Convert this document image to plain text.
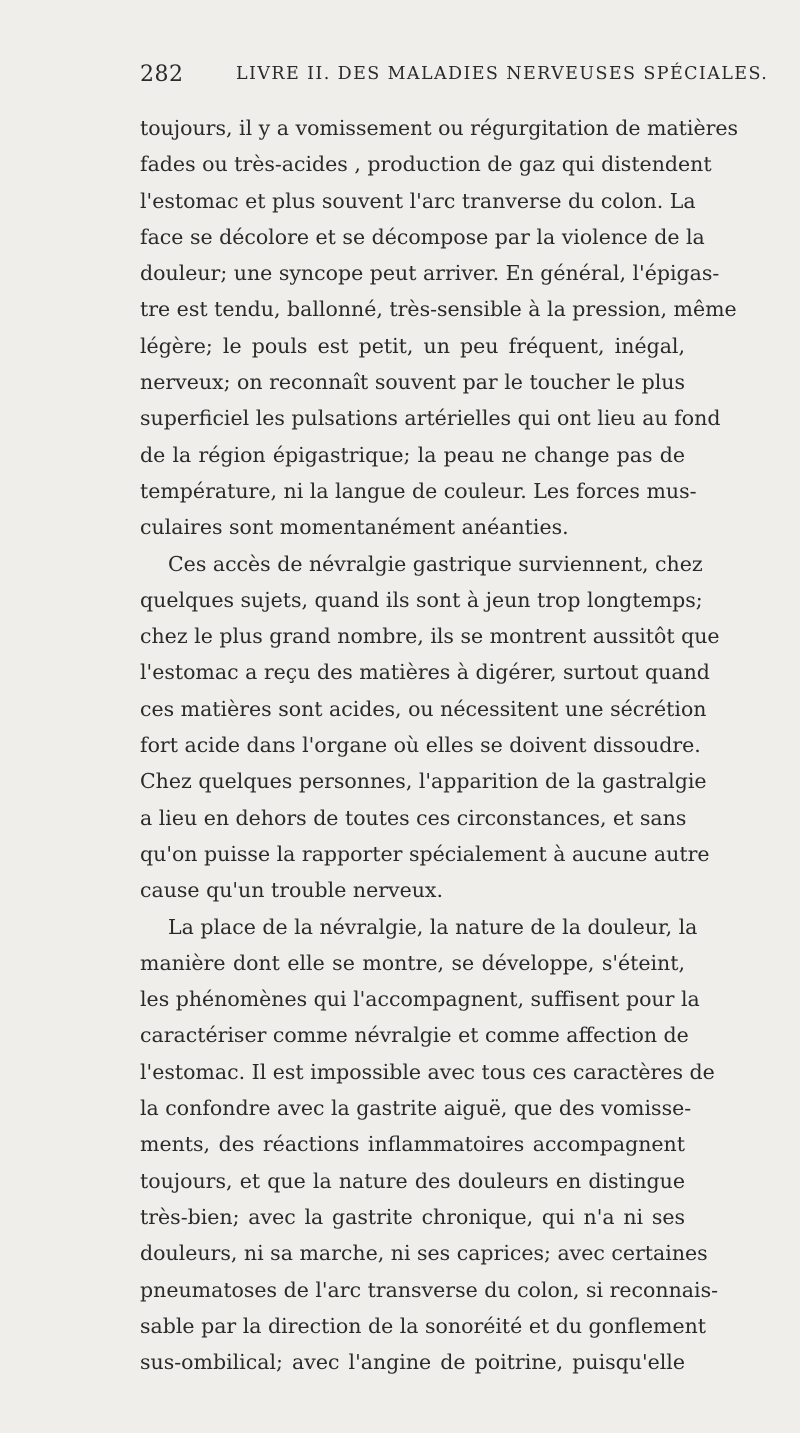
282	LIVRE II. DES MALADIES NERVEUSES SPÉCIALES.
toujours, il y a vomissement ou régurgitation de matières
fades ou très-acides , production de gaz qui distendent
l'estomac et plus souvent l'arc tranverse du colon. La
face se décolore et se décompose par la violence de la
douleur; une syncope peut arriver. En général, l'épigas-
tre est tendu, ballonné, très-sensible à la pression, même
légère; le pouls est petit, un peu fréquent, inégal,
nerveux; on reconnaît souvent par le toucher le plus
superficiel les pulsations artérielles qui ont lieu au fond
de la région épigastrique; la peau ne change pas de
température, ni la langue de couleur. Les forces mus-
culaires sont momentanément anéanties.
Ces accès de névralgie gastrique surviennent, chez
quelques sujets, quand ils sont à jeun trop longtemps;
chez le plus grand nombre, ils se montrent aussitôt que
l'estomac a reçu des matières à digérer, surtout quand
ces matières sont acides, ou nécessitent une sécrétion
fort acide dans l'organe où elles se doivent dissoudre.
Chez quelques personnes, l'apparition de la gastralgie
a lieu en dehors de toutes ces circonstances, et sans
qu'on puisse la rapporter spécialement à aucune autre
cause qu'un trouble nerveux.
La place de la névralgie, la nature de la douleur, la
manière dont elle se montre, se développe, s'éteint,
les phénomènes qui l'accompagnent, suffisent pour la
caractériser comme névralgie et comme affection de
l'estomac. Il est impossible avec tous ces caractères de
la confondre avec la gastrite aiguë, que des vomisse-
ments, des réactions inflammatoires accompagnent
toujours, et que la nature des douleurs en distingue
très-bien; avec la gastrite chronique, qui n'a ni ses
douleurs, ni sa marche, ni ses caprices; avec certaines
pneumatoses de l'arc transverse du colon, si reconnais-
sable par la direction de la sonoréité et du gonflement
sus-ombilical; avec l'angine de poitrine, puisqu'elle
